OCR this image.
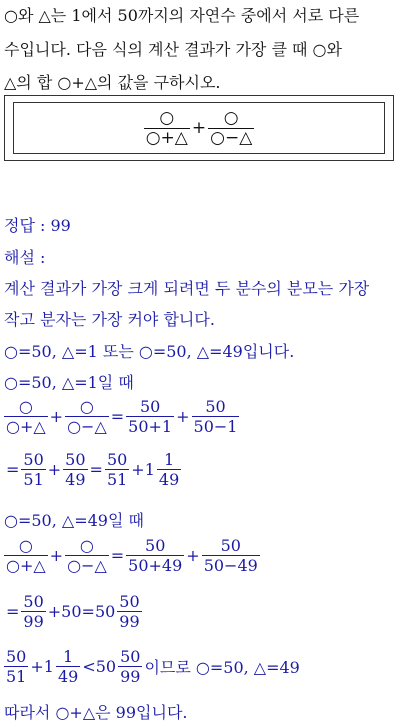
○와 △는 1에서 50까지의 자연수 중에서 서로 다른
수입니다. 다음 식의 계산 결과가 가장 클 때 ○와
△의 합 ○+△의 값을 구하시오.
$\frac{○}{○+\triangle} + \frac{○}{○-\triangle}$
정답 : 99
해설 :
계산 결과가 가장 크게 되려면 두 분수의 분모는 가장
작고 분자는 가장 커야 합니다.
○=50, △=1 또는 ○=50, △=49입니다.
○=50, △=1일 때
$\frac{○}{○+\triangle} + \frac{○}{○-\triangle} = \frac{50}{50+1} + \frac{50}{50-1}$
= $\frac{50}{51} + \frac{50}{49} = \frac{50}{51} +1 \frac{1}{49}$
○=50, △=49일 때
$\frac{○}{○+\triangle} + \frac{○}{○-\triangle} = \frac{50}{50+49} + \frac{50}{50-49}$
= $\frac{50}{99} +50=50 \frac{50}{99}$
$\frac{50}{51} +1 \frac{1}{49} <50 \frac{50}{99}$ 이므로 ○=50, △=49
따라서 ○+△은 99입니다.
